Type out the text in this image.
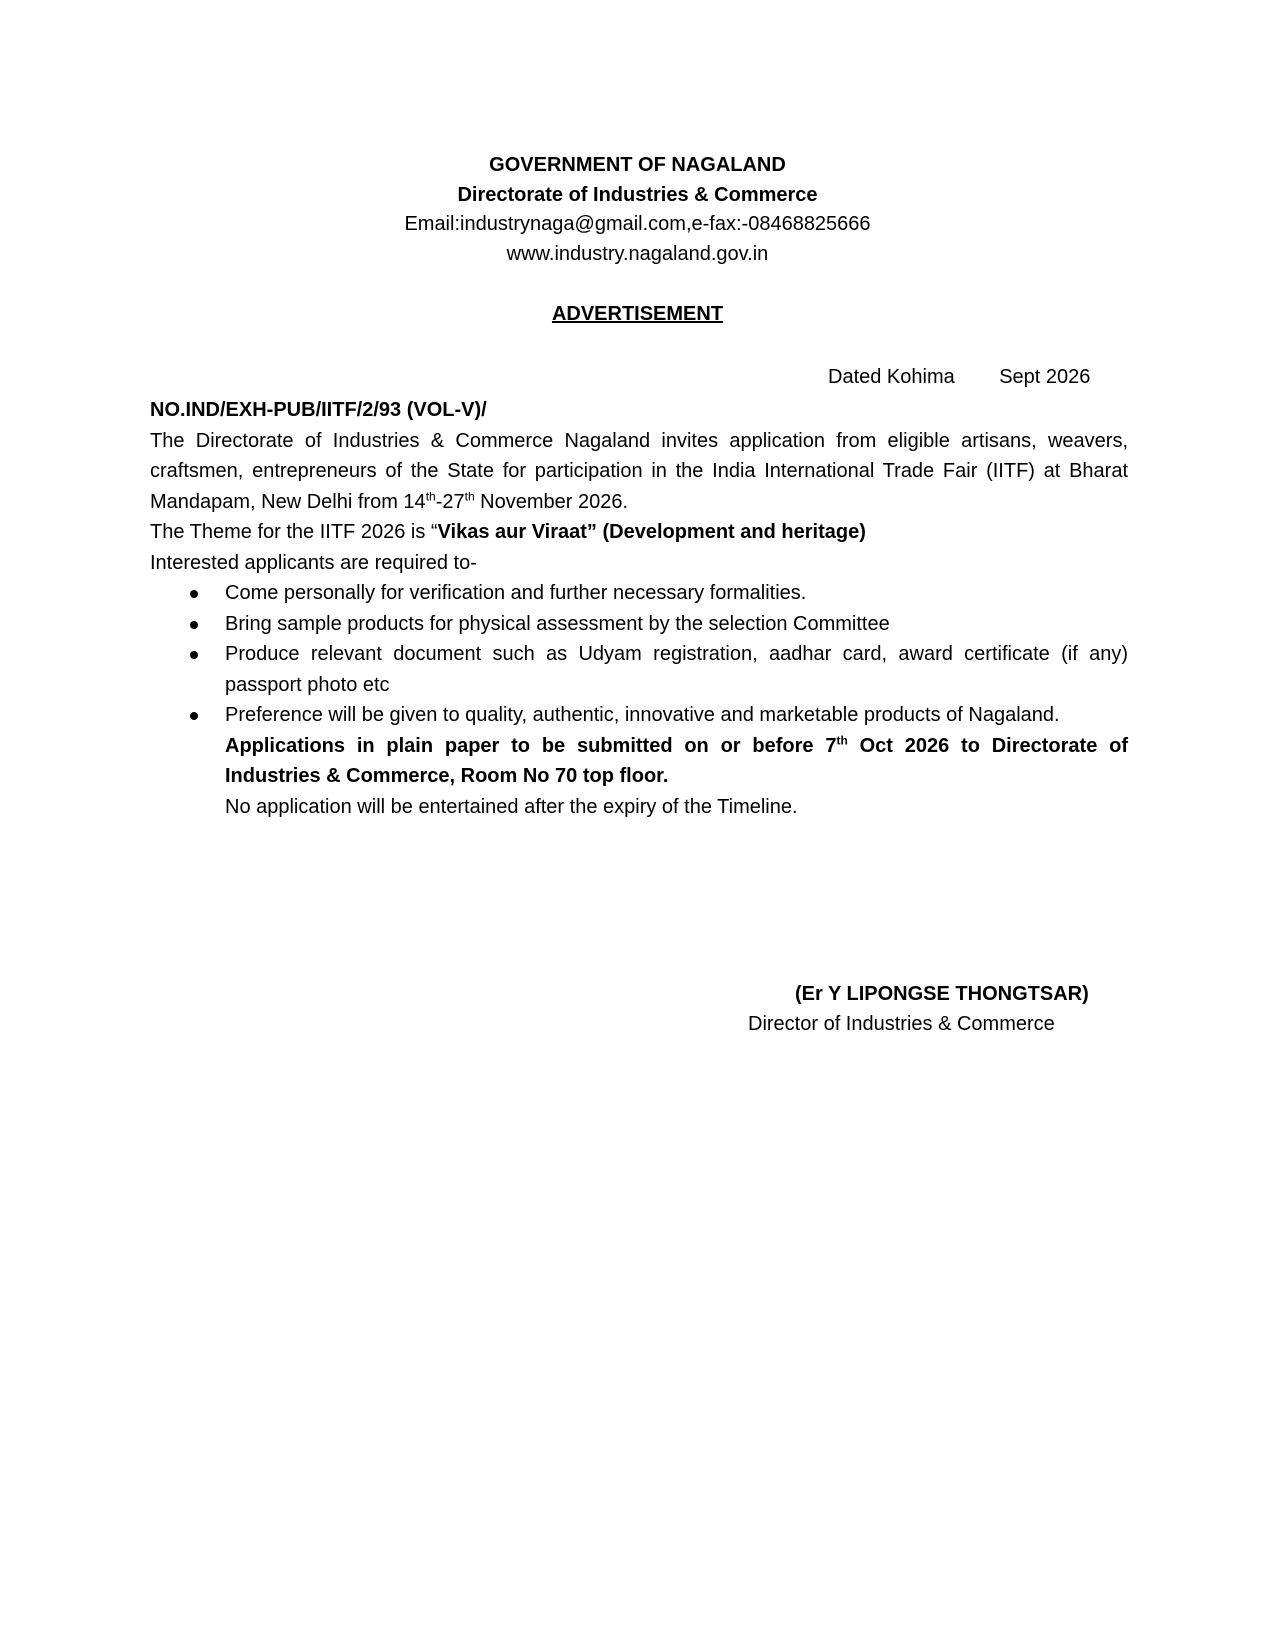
GOVERNMENT OF NAGALAND
Directorate of Industries & Commerce
Email:industrynaga@gmail.com,e-fax:-08468825666
www.industry.nagaland.gov.in
ADVERTISEMENT
Dated Kohima Sept 2026
NO.IND/EXH-PUB/IITF/2/93 (VOL-V)/
The Directorate of Industries & Commerce Nagaland invites application from eligible artisans, weavers, craftsmen, entrepreneurs of the State for participation in the India International Trade Fair (IITF) at Bharat Mandapam, New Delhi from 14th-27th November 2026.
The Theme for the IITF 2026 is “Vikas aur Viraat” (Development and heritage)
Interested applicants are required to-
Come personally for verification and further necessary formalities.
Bring sample products for physical assessment by the selection Committee
Produce relevant document such as Udyam registration, aadhar card, award certificate (if any) passport photo etc
Preference will be given to quality, authentic, innovative and marketable products of Nagaland.
Applications in plain paper to be submitted on or before 7th Oct 2026 to Directorate of Industries & Commerce, Room No 70 top floor.
No application will be entertained after the expiry of the Timeline.
(Er Y LIPONGSE THONGTSAR)
Director of Industries & Commerce
